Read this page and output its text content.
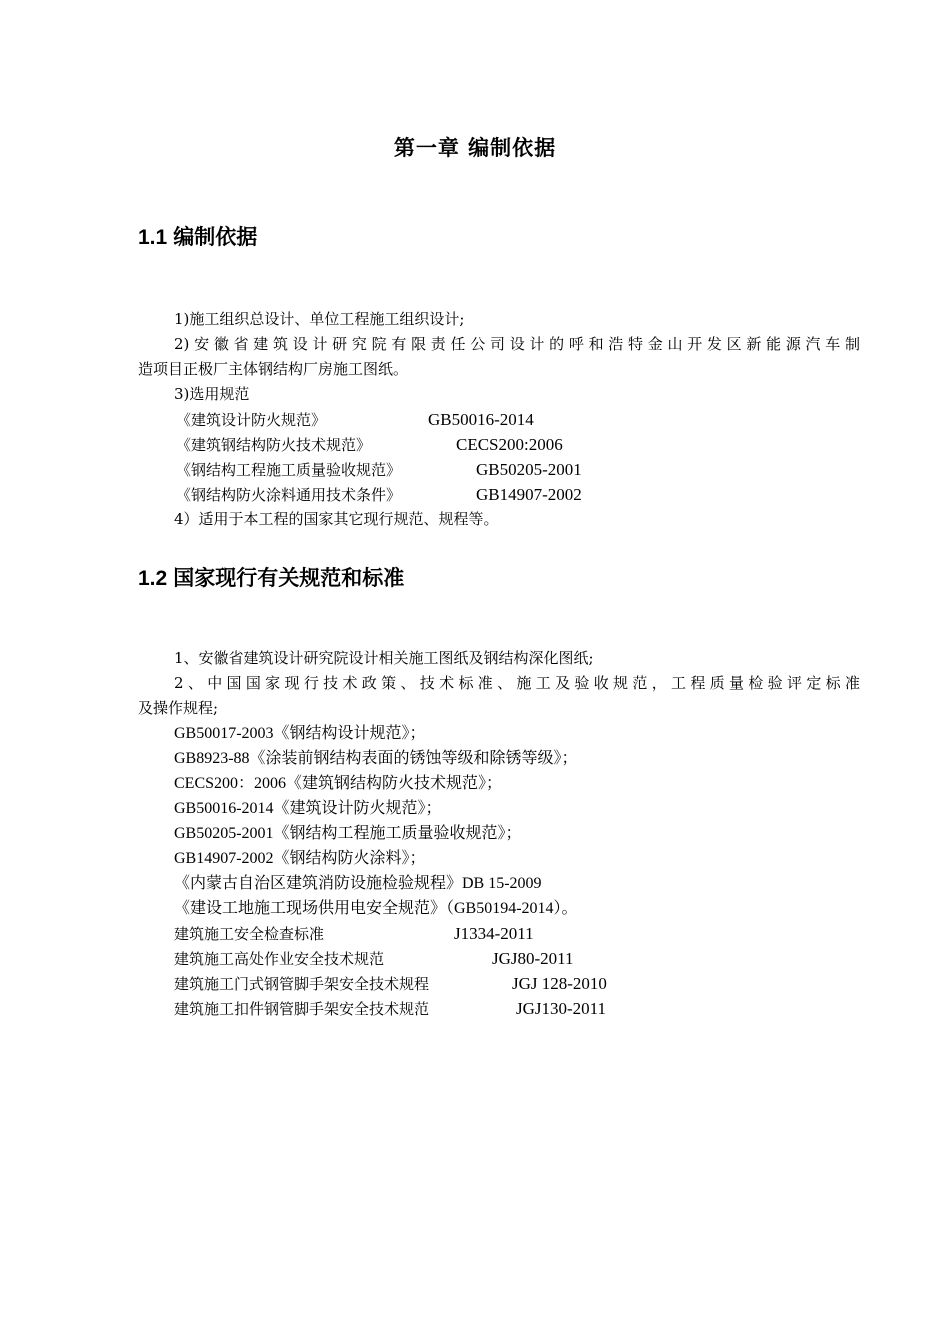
第一章 编制依据
1.1 编制依据
1)施工组织总设计、单位工程施工组织设计;
2)安徽省建筑设计研究院有限责任公司设计的呼和浩特金山开发区新能源汽车制
造项目正极厂主体钢结构厂房施工图纸。
3)选用规范
《建筑设计防火规范》	GB50016-2014
《建筑钢结构防火技术规范》	CECS200:2006
《钢结构工程施工质量验收规范》	GB50205-2001
《钢结构防火涂料通用技术条件》	GB14907-2002
4）适用于本工程的国家其它现行规范、规程等。
1.2 国家现行有关规范和标准
1、安徽省建筑设计研究院设计相关施工图纸及钢结构深化图纸;
2、中国国家现行技术政策、技术标准、施工及验收规范，工程质量检验评定标准
及操作规程;
GB50017-2003《钢结构设计规范》；
GB8923-88《涂装前钢结构表面的锈蚀等级和除锈等级》；
CECS200：2006《建筑钢结构防火技术规范》；
GB50016-2014《建筑设计防火规范》；
GB50205-2001《钢结构工程施工质量验收规范》；
GB14907-2002《钢结构防火涂料》；
《内蒙古自治区建筑消防设施检验规程》DB 15-2009
《建设工地施工现场供用电安全规范》（GB50194-2014）。
建筑施工安全检查标准	J1334-2011
建筑施工高处作业安全技术规范	JGJ80-2011
建筑施工门式钢管脚手架安全技术规程	JGJ 128-2010
建筑施工扣件钢管脚手架安全技术规范	JGJ130-2011
